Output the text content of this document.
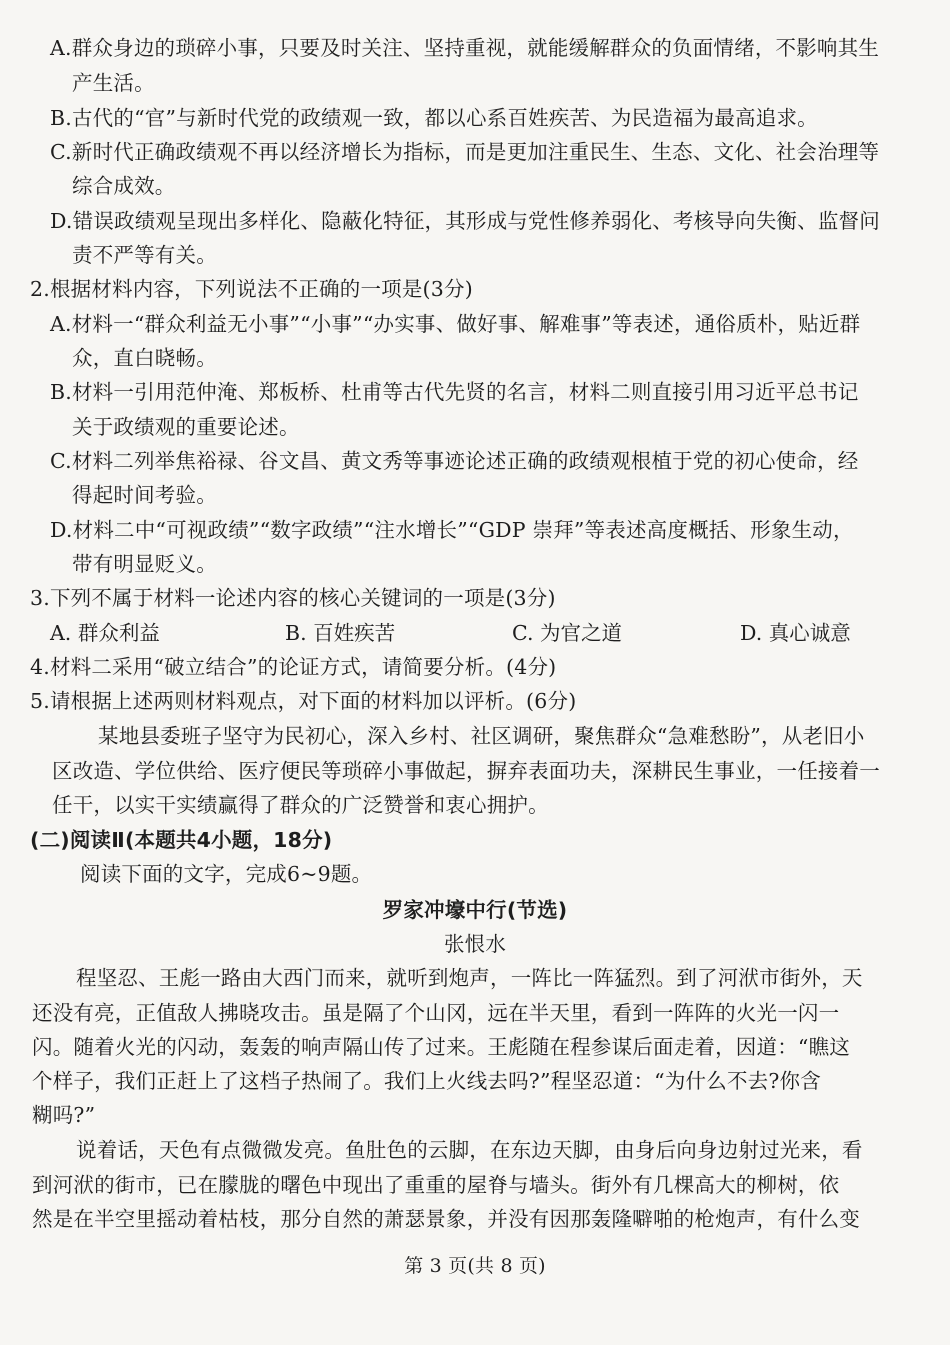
A.群众身边的琐碎小事，只要及时关注、坚持重视，就能缓解群众的负面情绪，不影响其生
产生活。
B.古代的“官”与新时代党的政绩观一致，都以心系百姓疾苦、为民造福为最高追求。
C.新时代正确政绩观不再以经济增长为指标，而是更加注重民生、生态、文化、社会治理等
综合成效。
D.错误政绩观呈现出多样化、隐蔽化特征，其形成与党性修养弱化、考核导向失衡、监督问
责不严等有关。
2.根据材料内容，下列说法不正确的一项是(3分)
A.材料一“群众利益无小事”“小事”“办实事、做好事、解难事”等表述，通俗质朴，贴近群
众，直白晓畅。
B.材料一引用范仲淹、郑板桥、杜甫等古代先贤的名言，材料二则直接引用习近平总书记
关于政绩观的重要论述。
C.材料二列举焦裕禄、谷文昌、黄文秀等事迹论述正确的政绩观根植于党的初心使命，经
得起时间考验。
D.材料二中“可视政绩”“数字政绩”“注水增长”“GDP 崇拜”等表述高度概括、形象生动，
带有明显贬义。
3.下列不属于材料一论述内容的核心关键词的一项是(3分)
A. 群众利益	B. 百姓疾苦	C. 为官之道	D. 真心诚意
4.材料二采用“破立结合”的论证方式，请简要分析。(4分)
5.请根据上述两则材料观点，对下面的材料加以评析。(6分)
某地县委班子坚守为民初心，深入乡村、社区调研，聚焦群众“急难愁盼”，从老旧小
区改造、学位供给、医疗便民等琐碎小事做起，摒弃表面功夫，深耕民生事业，一任接着一
任干，以实干实绩赢得了群众的广泛赞誉和衷心拥护。
(二)阅读Ⅱ(本题共4小题，18分)
阅读下面的文字，完成6~9题。
罗家冲壕中行(节选)
张恨水
程坚忍、王彪一路由大西门而来，就听到炮声，一阵比一阵猛烈。到了河洑市街外，天
还没有亮，正值敌人拂晓攻击。虽是隔了个山冈，远在半天里，看到一阵阵的火光一闪一
闪。随着火光的闪动，轰轰的响声隔山传了过来。王彪随在程参谋后面走着，因道：“瞧这
个样子，我们正赶上了这档子热闹了。我们上火线去吗?”程坚忍道：“为什么不去?你含
糊吗?”
说着话，天色有点微微发亮。鱼肚色的云脚，在东边天脚，由身后向身边射过光来，看
到河洑的街市，已在朦胧的曙色中现出了重重的屋脊与墙头。街外有几棵高大的柳树，依
然是在半空里摇动着枯枝，那分自然的萧瑟景象，并没有因那轰隆噼啪的枪炮声，有什么变
第 3 页(共 8 页)
